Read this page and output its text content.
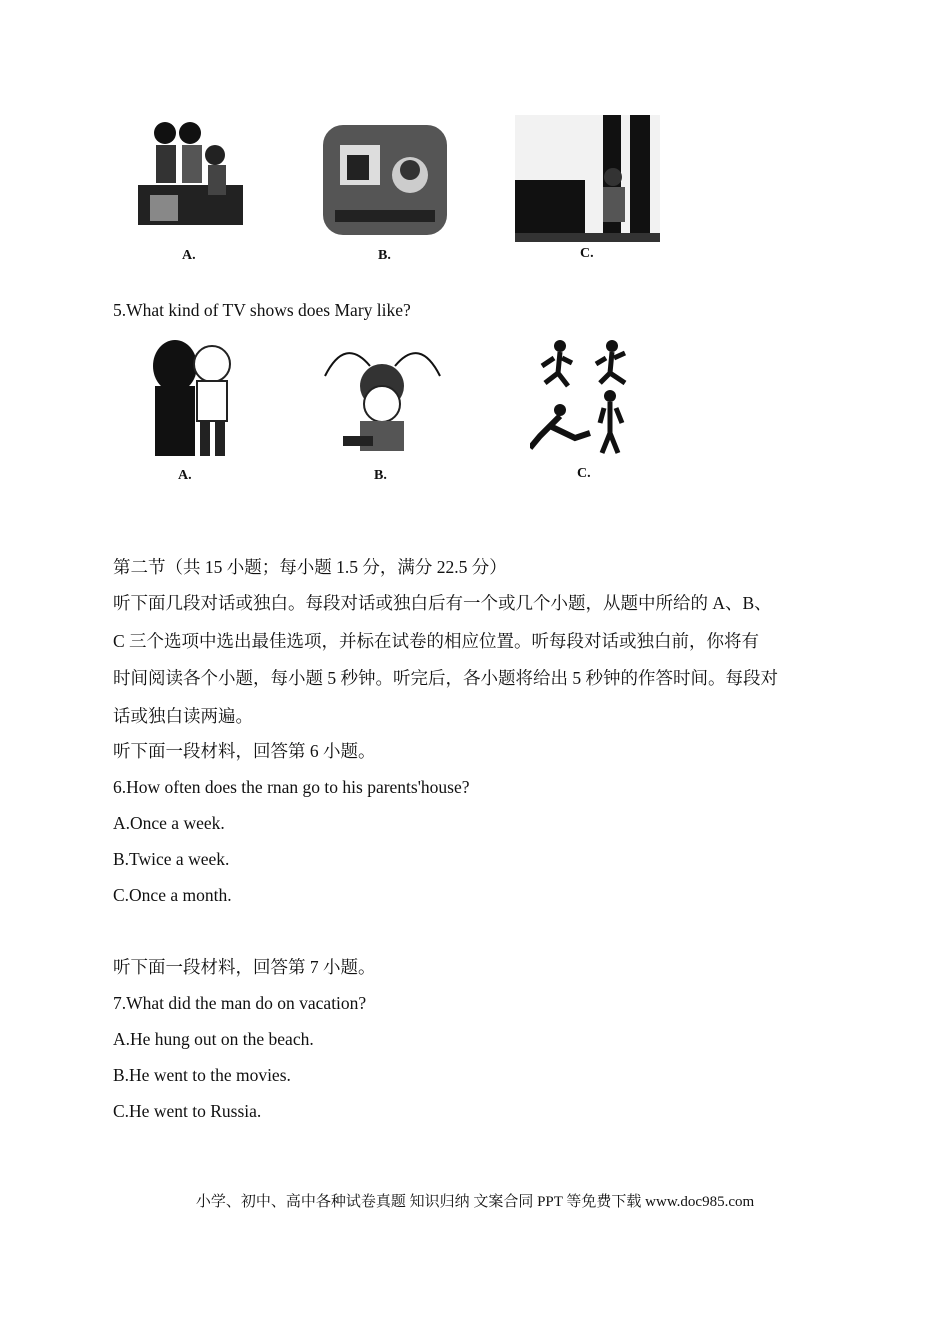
A.	B.	C.
5.What kind of TV shows does Mary like?
A.	B.	C.
第二节（共 15 小题；每小题 1.5 分，满分 22.5 分）
听下面几段对话或独白。每段对话或独白后有一个或几个小题，从题中所给的 A、B、
C 三个选项中选出最佳选项，并标在试卷的相应位置。听每段对话或独白前，你将有
时间阅读各个小题，每小题 5 秒钟。听完后，各小题将给出 5 秒钟的作答时间。每段对
话或独白读两遍。
听下面一段材料，回答第 6 小题。
6.How often does the rnan go to his parents'house?
A.Once a week.
B.Twice a week.
C.Once a month.
听下面一段材料，回答第 7 小题。
7.What did the man do on vacation?
A.He hung out on the beach.
B.He went to the movies.
C.He went to Russia.
小学、初中、高中各种试卷真题 知识归纳 文案合同 PPT 等免费下载 www.doc985.com
